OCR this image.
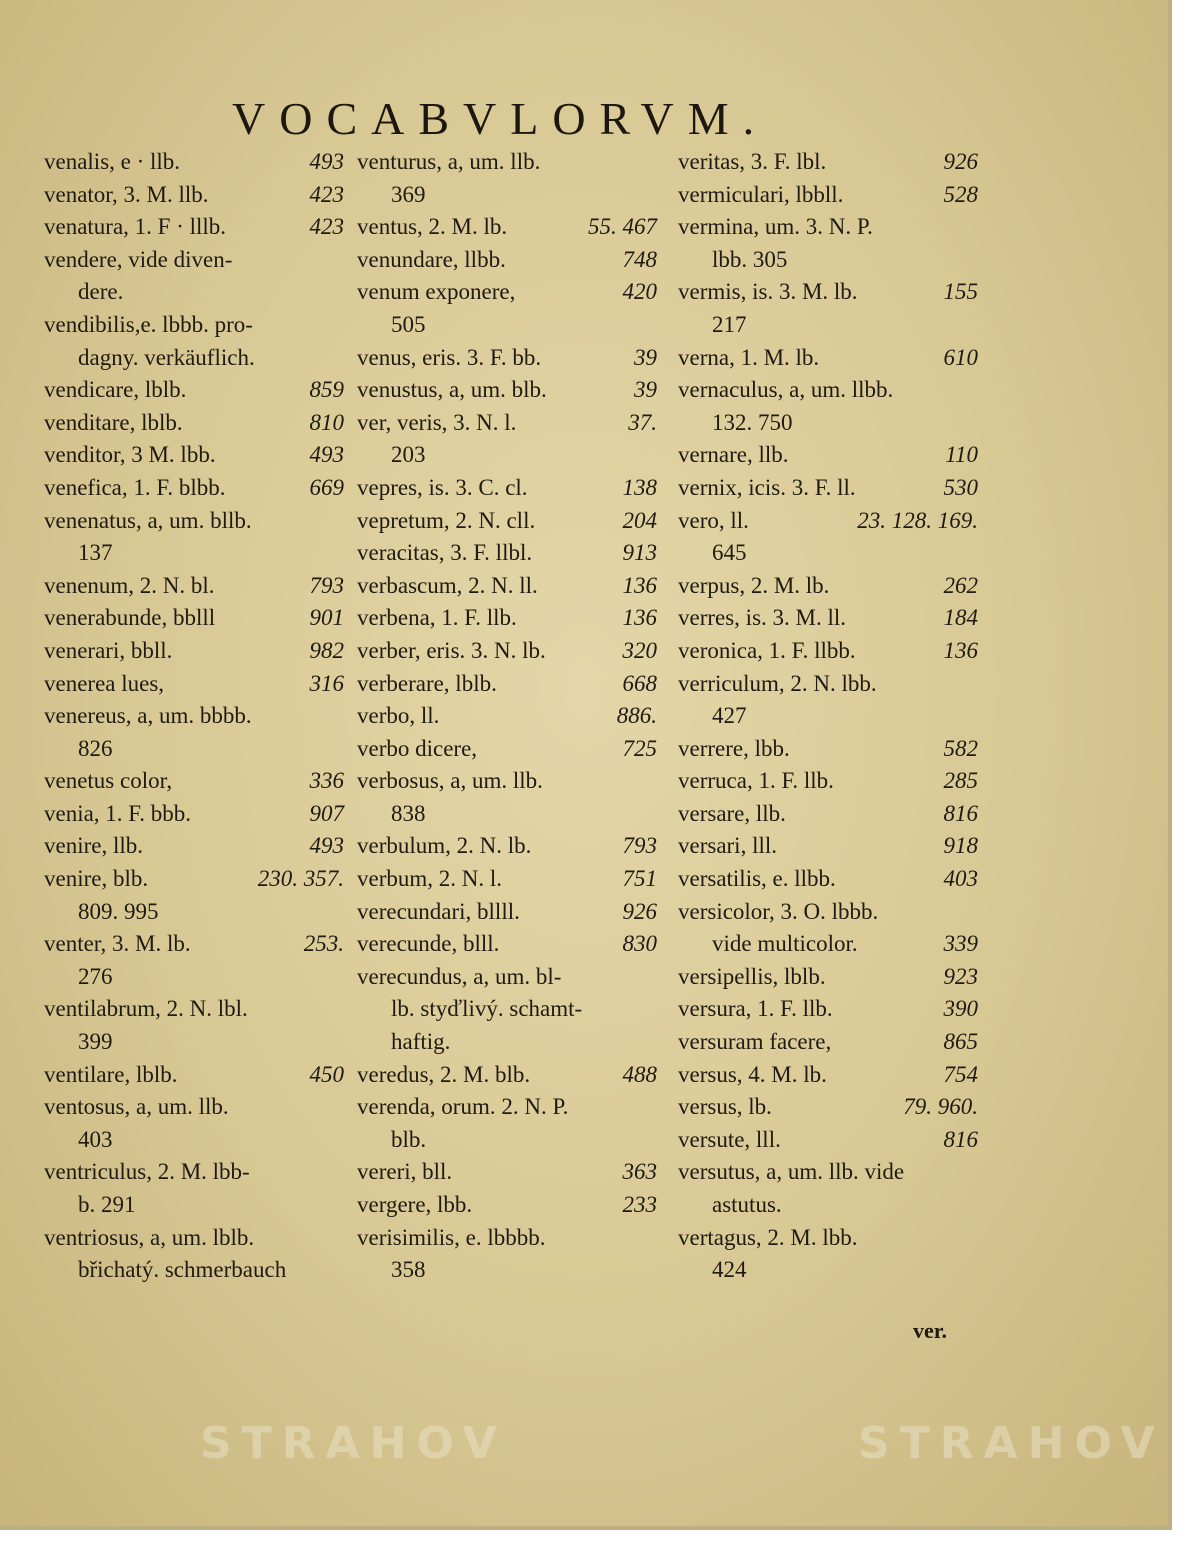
VOCABVLORVM.
venalis, e · llb.	493
venator, 3. M. llb.	423
venatura, 1. F · lllb.	423
vendere, vide diven-
dere.
vendibilis,e. lbbb. pro-
dagny. verkäuflich.
vendicare, lblb.	859
venditare, lblb.	810
venditor, 3 M. lbb.	493
venefica, 1. F. blbb.	669
venenatus, a, um. bllb.
137
venenum, 2. N. bl.	793
venerabunde, bblll	901
venerari, bbll.	982
venerea lues,	316
venereus, a, um. bbbb.
826
venetus color,	336
venia, 1. F. bbb.	907
venire, llb.	493
venire, blb.	230. 357.
809. 995
venter, 3. M. lb.	253.
276
ventilabrum, 2. N. lbl.
399
ventilare, lblb.	450
ventosus, a, um. llb.
403
ventriculus, 2. M. lbb-
b. 291
ventriosus, a, um. lblb.
břichatý. schmerbauch
venturus, a, um. llb.
369
ventus, 2. M. lb.	55. 467
venundare, llbb.	748
venum exponere,	420
505
venus, eris. 3. F. bb.	39
venustus, a, um. blb.	39
ver, veris, 3. N. l.	37.
203
vepres, is. 3. C. cl.	138
vepretum, 2. N. cll.	204
veracitas, 3. F. llbl.	913
verbascum, 2. N. ll.	136
verbena, 1. F. llb.	136
verber, eris. 3. N. lb.	320
verberare, lblb.	668
verbo, ll.	886.
verbo dicere,	725
verbosus, a, um. llb.
838
verbulum, 2. N. lb.	793
verbum, 2. N. l.	751
verecundari, bllll.	926
verecunde, blll.	830
verecundus, a, um. bl-
lb. styďlivý. schamt-
haftig.
veredus, 2. M. blb.	488
verenda, orum. 2. N. P.
blb.
vereri, bll.	363
vergere, lbb.	233
verisimilis, e. lbbbb.
358
veritas, 3. F. lbl.	926
vermiculari, lbbll.	528
vermina, um. 3. N. P.
lbb. 305
vermis, is. 3. M. lb.	155
217
verna, 1. M. lb.	610
vernaculus, a, um. llbb.
132. 750
vernare, llb.	110
vernix, icis. 3. F. ll.	530
vero, ll.	23. 128. 169.
645
verpus, 2. M. lb.	262
verres, is. 3. M. ll.	184
veronica, 1. F. llbb.	136
verriculum, 2. N. lbb.
427
verrere, lbb.	582
verruca, 1. F. llb.	285
versare, llb.	816
versari, lll.	918
versatilis, e. llbb.	403
versicolor, 3. O. lbbb.
vide multicolor.	339
versipellis, lblb.	923
versura, 1. F. llb.	390
versuram facere,	865
versus, 4. M. lb.	754
versus, lb.	79. 960.
versute, lll.	816
versutus, a, um. llb. vide
astutus.
vertagus, 2. M. lbb.
424
ver.
STRAHOV	STRAHOV
